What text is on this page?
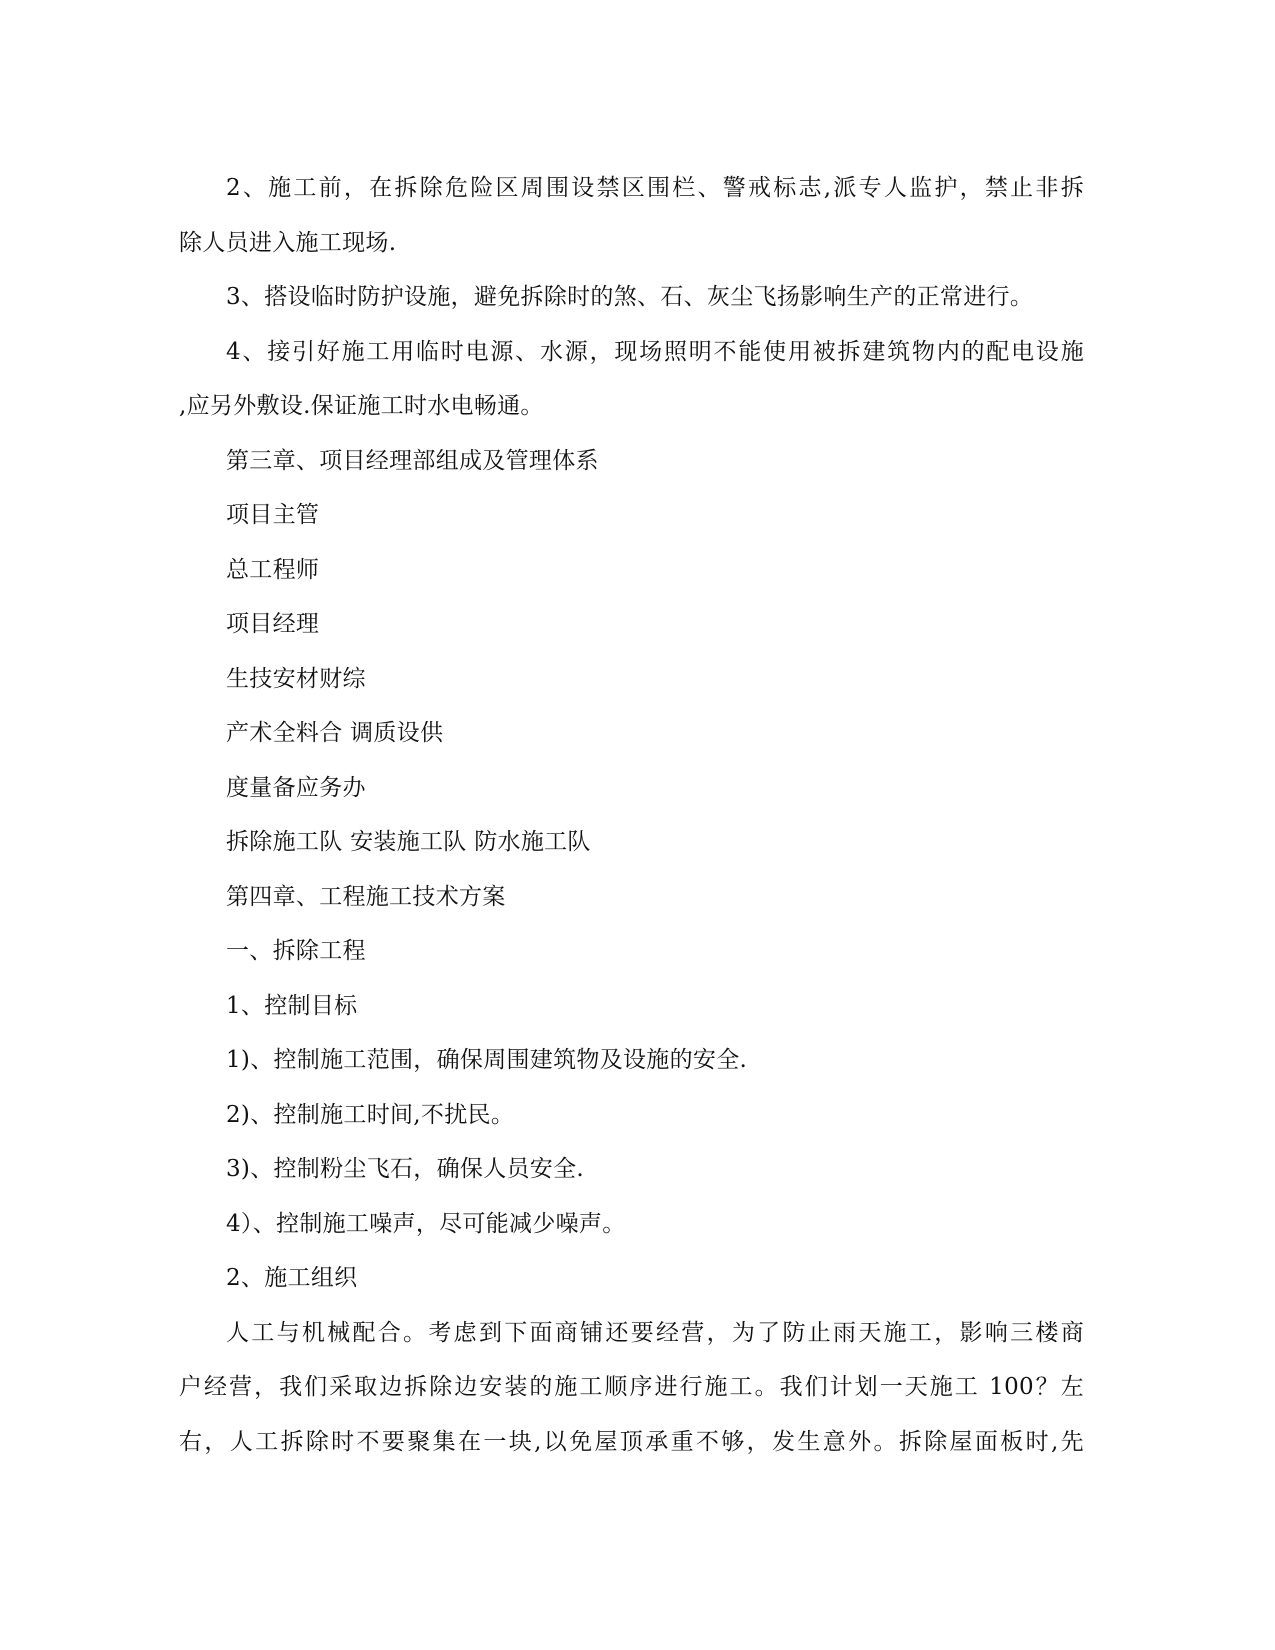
2、施工前，在拆除危险区周围设禁区围栏、警戒标志,派专人监护，禁止非拆
除人员进入施工现场.
3、搭设临时防护设施，避免拆除时的煞、石、灰尘飞扬影响生产的正常进行。
4、接引好施工用临时电源、水源，现场照明不能使用被拆建筑物内的配电设施
,应另外敷设.保证施工时水电畅通。
第三章、项目经理部组成及管理体系
项目主管
总工程师
项目经理
生技安材财综
产术全料合 调质设供
度量备应务办
拆除施工队 安装施工队 防水施工队
第四章、工程施工技术方案
一、拆除工程
1、控制目标
1)、控制施工范围，确保周围建筑物及设施的安全.
2)、控制施工时间,不扰民。
3)、控制粉尘飞石，确保人员安全.
4）、控制施工噪声，尽可能减少噪声。
2、施工组织
人工与机械配合。考虑到下面商铺还要经营，为了防止雨天施工，影响三楼商
户经营，我们采取边拆除边安装的施工顺序进行施工。我们计划一天施工 100？左
右，人工拆除时不要聚集在一块,以免屋顶承重不够，发生意外。拆除屋面板时,先
